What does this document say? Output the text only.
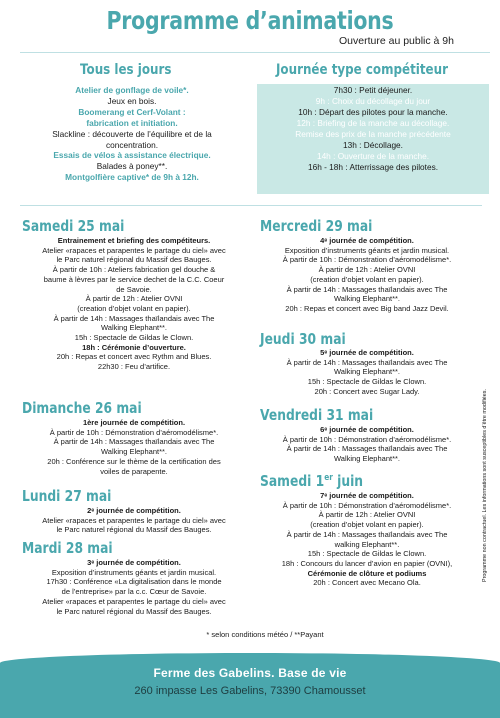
Programme d’animations
Ouverture au public à 9h
Tous les jours
Atelier de gonflage de voile*.
Jeux en bois.
Boomerang et Cerf-Volant :
fabrication et initiation.
Slackline : découverte de l’équilibre et de la
concentration.
Essais de vélos à assistance électrique.
Balades à poney**.
Montgolfière captive* de 9h à 12h.
Journée type compétiteur
7h30 : Petit déjeuner.
9h : Choix du décollage du jour
10h : Départ des pilotes pour la manche.
12h : Briefing de la manche au décollage.
Remise des prix de la manche précédente
13h : Décollage.
14h : Ouverture de la manche.
16h - 18h : Atterrissage des pilotes.
Samedi 25 mai

Entrainement et briefing des compétiteurs.

Atelier «rapaces et parapentes le partage du ciel» avec

le Parc naturel régional du Massif des Bauges.

À partir de 10h : Ateliers fabrication gel douche &

baume à lèvres par le service dechet de la C.C. Coeur

de Savoie.

À partir de 12h : Atelier OVNI

(creation d’objet volant en papier).

À partir de 14h : Massages thaïlandais avec The

Walking Elephant**.

15h : Spectacle de Gildas le Clown.

18h : Cérémonie d’ouverture.

20h : Repas et concert avec Rythm and Blues.

22h30 : Feu d’artifice.

Dimanche 26 mai

1ère journée de compétition.

À partir de 10h : Démonstration d’aéromodélisme*.

À partir de 14h : Massages thaïlandais avec The

Walking Elephant**.

20h : Conférence sur le thème de la certification des

voiles de parapente.

Lundi 27 mai

2ᵉ journée de compétition.

Atelier «rapaces et parapentes le partage du ciel» avec

le Parc naturel régional du Massif des Bauges.

Mardi 28 mai

3ᵉ journée de compétition.

Exposition d’instruments géants et jardin musical.

17h30 : Conférence «La digitalisation dans le monde

de l’entreprise» par la c.c. Cœur de Savoie.

Atelier «rapaces et parapentes le partage du ciel» avec

le Parc naturel régional du Massif des Bauges.

Mercredi 29 mai

4ᵉ journée de compétition.

Exposition d’instruments géants et jardin musical.

À partir de 10h : Démonstration d’aéromodélisme*.

À partir de 12h : Atelier OVNI

(creation d’objet volant en papier).

À partir de 14h : Massages thaïlandais avec The

Walking Elephant**.

20h : Repas et concert avec Big band Jazz Devil.

Jeudi 30 mai

5ᵉ journée de compétition.

À partir de 14h : Massages thaïlandais avec The

Walking Elephant**.

15h : Spectacle de Gildas le Clown.

20h : Concert avec Sugar Lady.

Vendredi 31 mai

6ᵉ journée de compétition.

À partir de 10h : Démonstration d’aéromodélisme*.

À partir de 14h : Massages thaïlandais avec The

Walking Elephant**.

Samedi 1er juin

7ᵉ journée de compétition.

À partir de 10h : Démonstration d’aéromodélisme*.

À partir de 12h : Atelier OVNI

(creation d’objet volant en papier).

À partir de 14h : Massages thaïlandais avec The

walking Elephant**.

15h : Spectacle de Gildas le Clown.

18h : Concours du lancer d’avion en papier (OVNI),

Cérémonie de clôture et podiums

20h : Concert avec Mecano Ola.

Programme non contractuel. Les informations sont susceptibles d’être modifiées.
* selon conditions météo / **Payant
Ferme des Gabelins. Base de vie
260 impasse Les Gabelins, 73390 Chamousset
